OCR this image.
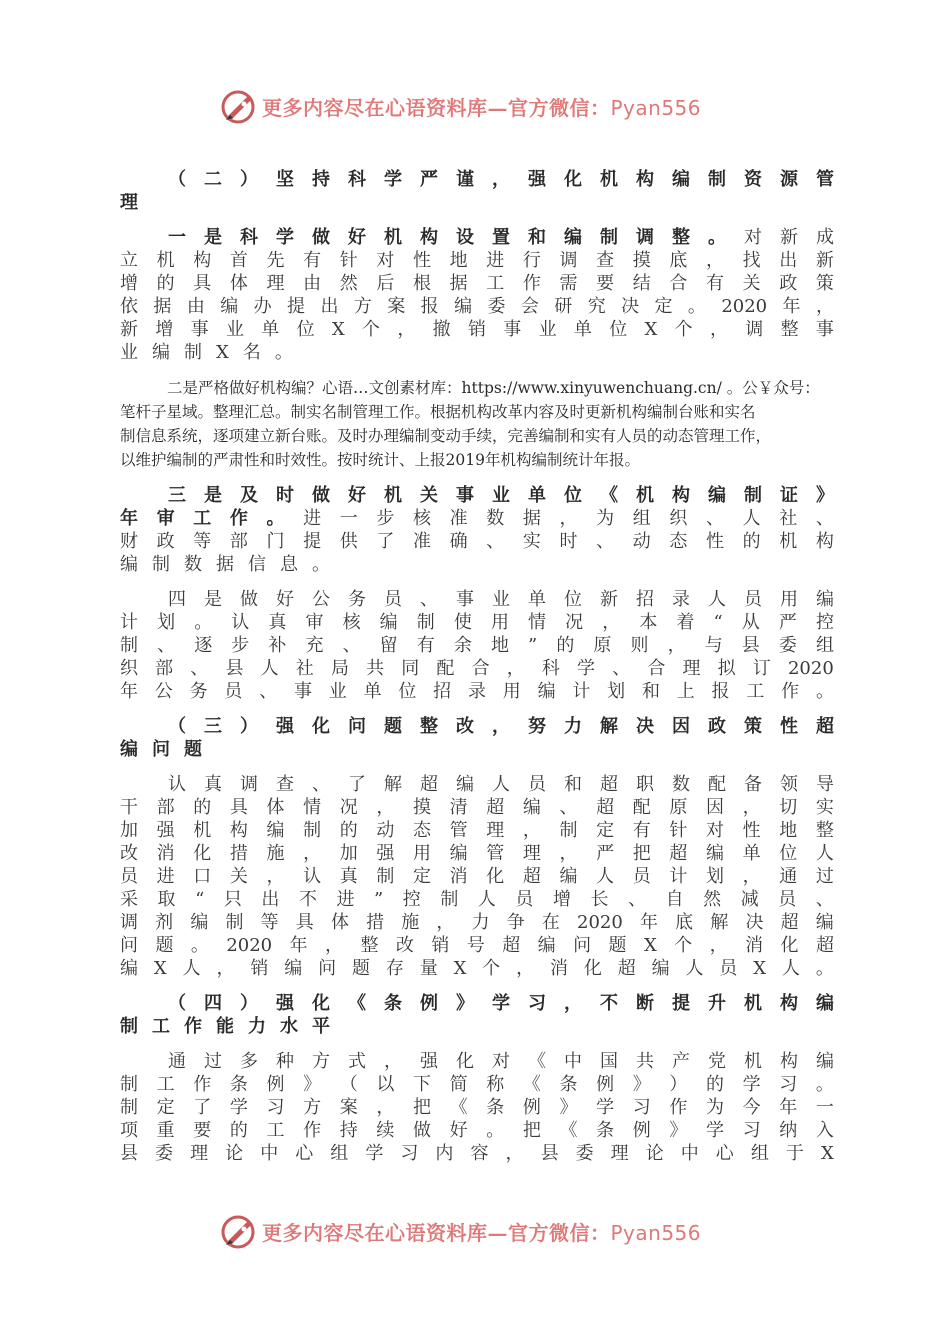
更多内容尽在心语资料库—官方微信：Pyan556
（ 二 ） 坚 持 科 学 严 谨 ， 强 化 机 构 编 制 资 源 管
理
一 是 科 学 做 好 机 构 设 置 和 编 制 调 整 。 对 新 成
立 机 构 首 先 有 针 对 性 地 进 行 调 查 摸 底 ， 找 出 新
增 的 具 体 理 由 然 后 根 据 工 作 需 要 结 合 有 关 政 策
依 据 由 编 办 提 出 方 案 报 编 委 会 研 究 决 定 。 2020 年 ，
新 增 事 业 单 位 X 个 ， 撤 销 事 业 单 位 X 个 ， 调 整 事
业 编 制 X 名 。

二是严格做好机构编？心语…文创素材库：https://www.xinyuwenchuang.cn/ 。公￥众号：

笔杆子星域。整理汇总。制实名制管理工作。根据机构改革内容及时更新机构编制台账和实名

制信息系统，逐项建立新台账。及时办理编制变动手续，完善编制和实有人员的动态管理工作，

以维护编制的严肃性和时效性。按时统计、上报2019年机构编制统计年报。

三 是 及 时 做 好 机 关 事 业 单 位 《 机 构 编 制 证 》
年 审 工 作 。 进 一 步 核 准 数 据 ， 为 组 织 、 人 社 、
财 政 等 部 门 提 供 了 准 确 、 实 时 、 动 态 性 的 机 构
编 制 数 据 信 息 。
四 是 做 好 公 务 员 、 事 业 单 位 新 招 录 人 员 用 编
计 划 。 认 真 审 核 编 制 使 用 情 况 ， 本 着 “ 从 严 控
制 、 逐 步 补 充 、 留 有 余 地 ” 的 原 则 ， 与 县 委 组
织 部 、 县 人 社 局 共 同 配 合 ， 科 学 、 合 理 拟 订 2020
年 公 务 员 、 事 业 单 位 招 录 用 编 计 划 和 上 报 工 作 。
（ 三 ） 强 化 问 题 整 改 ， 努 力 解 决 因 政 策 性 超
编 问 题
认 真 调 查 、 了 解 超 编 人 员 和 超 职 数 配 备 领 导
干 部 的 具 体 情 况 ， 摸 清 超 编 、 超 配 原 因 ， 切 实
加 强 机 构 编 制 的 动 态 管 理 ， 制 定 有 针 对 性 地 整
改 消 化 措 施 ， 加 强 用 编 管 理 ， 严 把 超 编 单 位 人
员 进 口 关 ， 认 真 制 定 消 化 超 编 人 员 计 划 ， 通 过
采 取 “ 只 出 不 进 ” 控 制 人 员 增 长 、 自 然 减 员 、
调 剂 编 制 等 具 体 措 施 ， 力 争 在 2020 年 底 解 决 超 编
问 题 。 2020 年 ， 整 改 销 号 超 编 问 题 X 个 ， 消 化 超
编 X 人 ， 销 编 问 题 存 量 X 个 ， 消 化 超 编 人 员 X 人 。
（ 四 ） 强 化 《 条 例 》 学 习 ， 不 断 提 升 机 构 编
制 工 作 能 力 水 平
通 过 多 种 方 式 ， 强 化 对 《 中 国 共 产 党 机 构 编
制 工 作 条 例 》 （ 以 下 简 称 《 条 例 》 ） 的 学 习 。
制 定 了 学 习 方 案 ， 把 《 条 例 》 学 习 作 为 今 年 一
项 重 要 的 工 作 持 续 做 好 。 把 《 条 例 》 学 习 纳 入
县 委 理 论 中 心 组 学 习 内 容 ， 县 委 理 论 中 心 组 于 X
更多内容尽在心语资料库—官方微信：Pyan556
